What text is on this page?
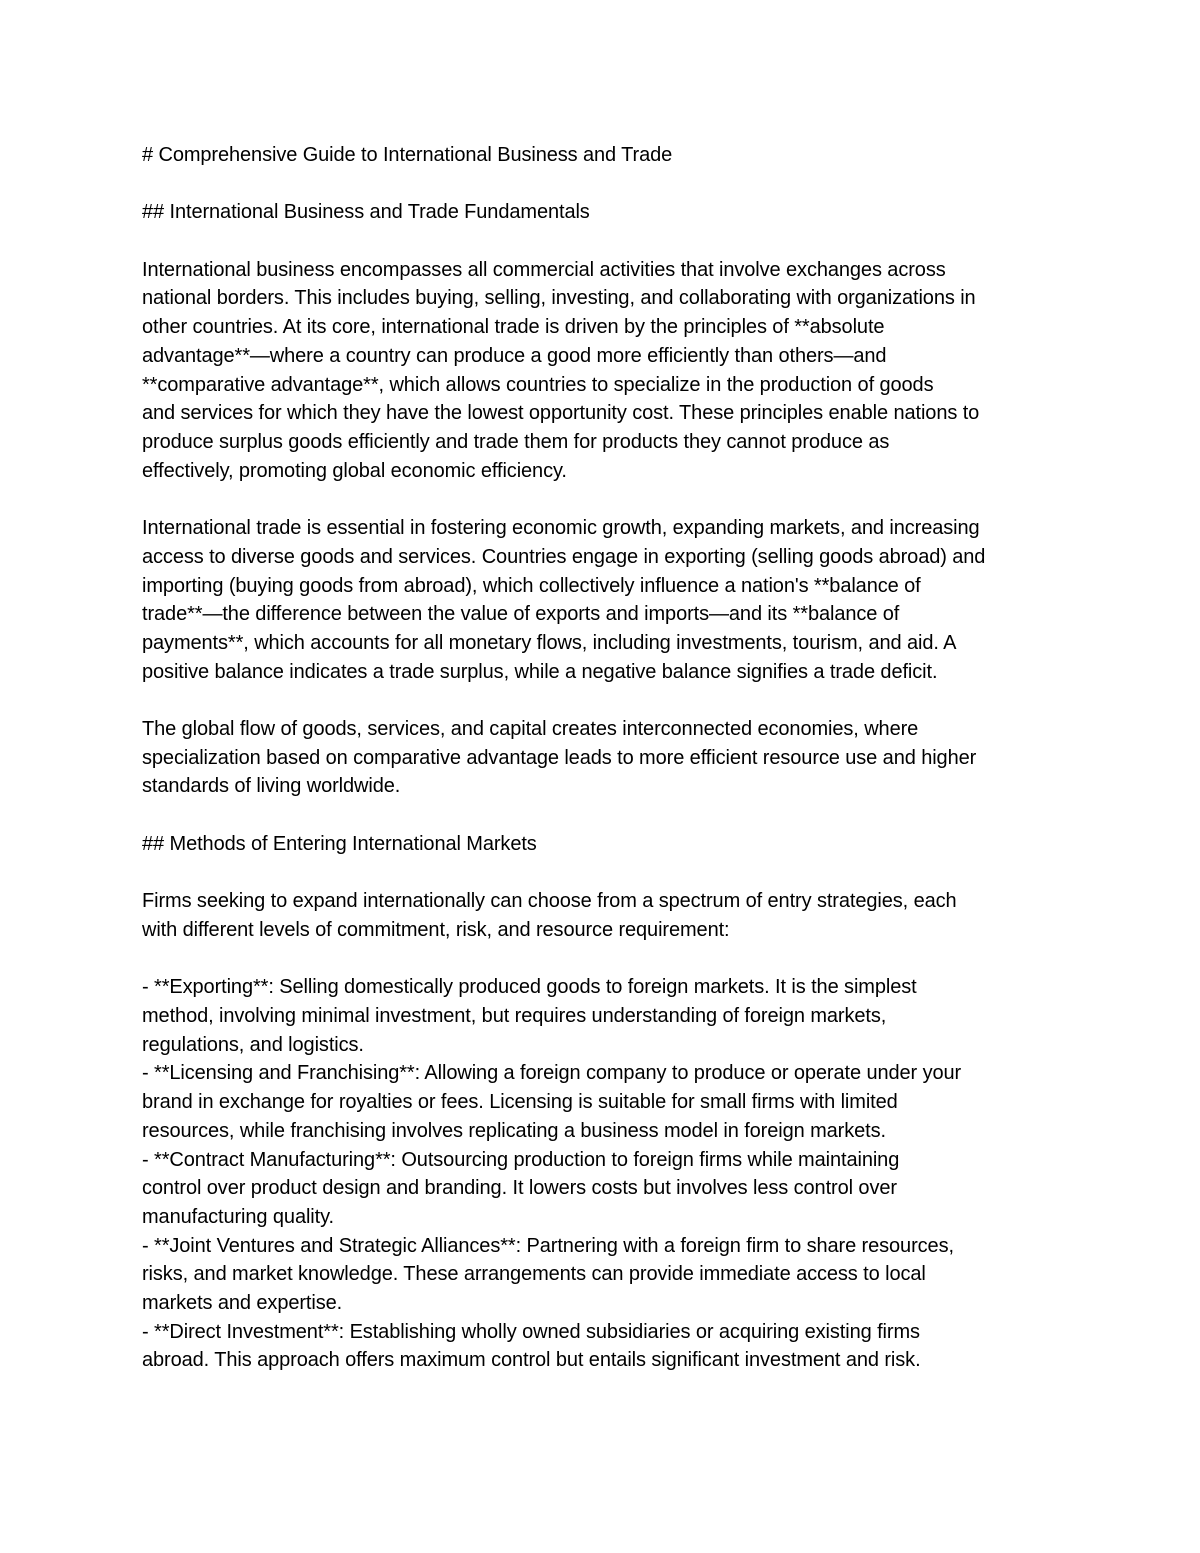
# Comprehensive Guide to International Business and Trade

## International Business and Trade Fundamentals

International business encompasses all commercial activities that involve exchanges across
national borders. This includes buying, selling, investing, and collaborating with organizations in
other countries. At its core, international trade is driven by the principles of **absolute
advantage**—where a country can produce a good more efficiently than others—and
**comparative advantage**, which allows countries to specialize in the production of goods
and services for which they have the lowest opportunity cost. These principles enable nations to
produce surplus goods efficiently and trade them for products they cannot produce as
effectively, promoting global economic efficiency.

International trade is essential in fostering economic growth, expanding markets, and increasing
access to diverse goods and services. Countries engage in exporting (selling goods abroad) and
importing (buying goods from abroad), which collectively influence a nation's **balance of
trade**—the difference between the value of exports and imports—and its **balance of
payments**, which accounts for all monetary flows, including investments, tourism, and aid. A
positive balance indicates a trade surplus, while a negative balance signifies a trade deficit.

The global flow of goods, services, and capital creates interconnected economies, where
specialization based on comparative advantage leads to more efficient resource use and higher
standards of living worldwide.

## Methods of Entering International Markets

Firms seeking to expand internationally can choose from a spectrum of entry strategies, each
with different levels of commitment, risk, and resource requirement:

- **Exporting**: Selling domestically produced goods to foreign markets. It is the simplest
method, involving minimal investment, but requires understanding of foreign markets,
regulations, and logistics.
- **Licensing and Franchising**: Allowing a foreign company to produce or operate under your
brand in exchange for royalties or fees. Licensing is suitable for small firms with limited
resources, while franchising involves replicating a business model in foreign markets.
- **Contract Manufacturing**: Outsourcing production to foreign firms while maintaining
control over product design and branding. It lowers costs but involves less control over
manufacturing quality.
- **Joint Ventures and Strategic Alliances**: Partnering with a foreign firm to share resources,
risks, and market knowledge. These arrangements can provide immediate access to local
markets and expertise.
- **Direct Investment**: Establishing wholly owned subsidiaries or acquiring existing firms
abroad. This approach offers maximum control but entails significant investment and risk.
